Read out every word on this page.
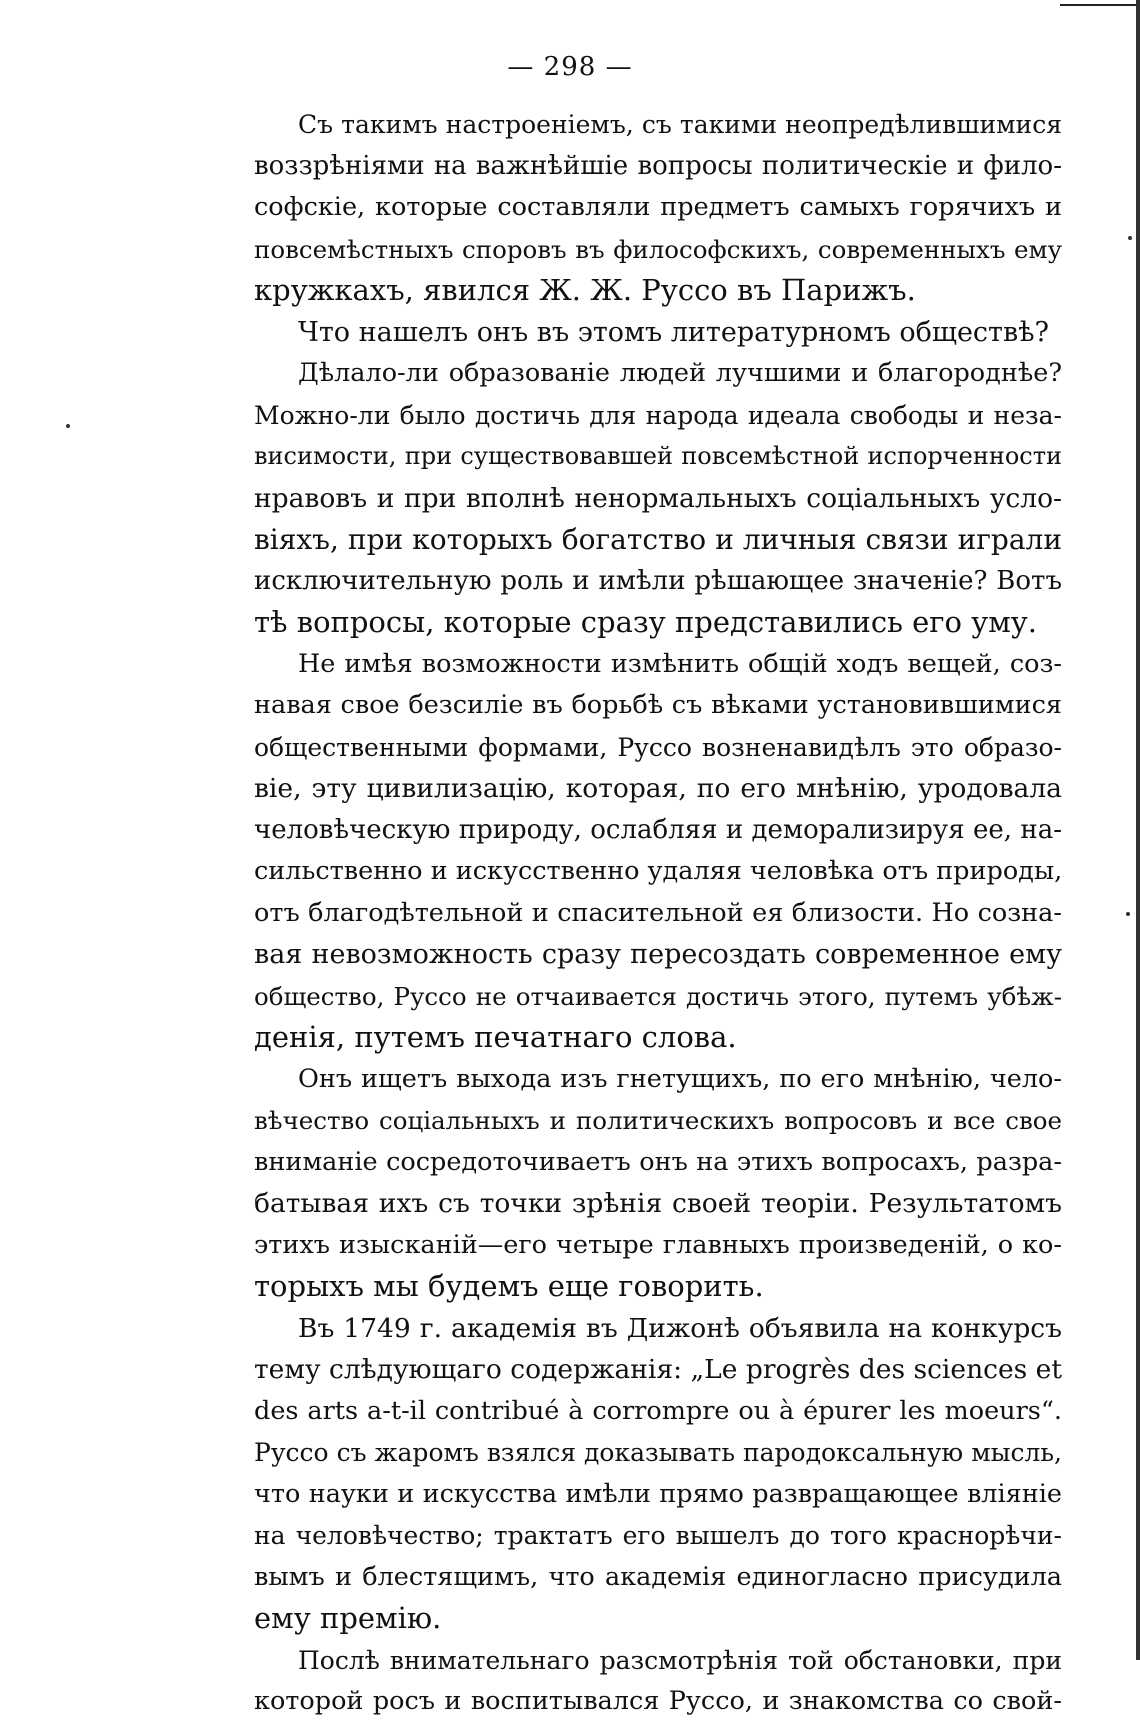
— 298 —
Съ такимъ настроеніемъ, съ такими неопредѣлившимися
воззрѣніями на важнѣйшіе вопросы политическіе и фило-
софскіе, которые составляли предметъ самыхъ горячихъ и
повсемѣстныхъ споровъ въ философскихъ, современныхъ ему
кружкахъ, явился Ж. Ж. Руссо въ Парижъ.
Что нашелъ онъ въ этомъ литературномъ обществѣ?
Дѣлало-ли образованіе людей лучшими и благороднѣе?
Можно-ли было достичь для народа идеала свободы и неза-
висимости, при существовавшей повсемѣстной испорченности
нравовъ и при вполнѣ ненормальныхъ соціальныхъ усло-
віяхъ, при которыхъ богатство и личныя связи играли
исключительную роль и имѣли рѣшающее значеніе? Вотъ
тѣ вопросы, которые сразу представились его уму.
Не имѣя возможности измѣнить общій ходъ вещей, соз-
навая свое безсиліе въ борьбѣ съ вѣками установившимися
общественными формами, Руссо возненавидѣлъ это образо-
віе, эту цивилизацію, которая, по его мнѣнію, уродовала
человѣческую природу, ослабляя и деморализируя ее, на-
сильственно и искусственно удаляя человѣка отъ природы,
отъ благодѣтельной и спасительной ея близости. Но созна-
вая невозможность сразу пересоздать современное ему
общество, Руссо не отчаивается достичь этого, путемъ убѣж-
денія, путемъ печатнаго слова.
Онъ ищетъ выхода изъ гнетущихъ, по его мнѣнію, чело-
вѣчество соціальныхъ и политическихъ вопросовъ и все свое
вниманіе сосредоточиваетъ онъ на этихъ вопросахъ, разра-
батывая ихъ съ точки зрѣнія своей теоріи. Результатомъ
этихъ изысканій—его четыре главныхъ произведеній, о ко-
торыхъ мы будемъ еще говорить.
Въ 1749 г. академія въ Дижонѣ объявила на конкурсъ
тему слѣдующаго содержанія: „Le progrès des sciences et
des arts a-t-il contribué à corrompre ou à épurer les moeurs“.
Руссо съ жаромъ взялся доказывать пародоксальную мысль,
что науки и искусства имѣли прямо развращающее вліяніе
на человѣчество; трактатъ его вышелъ до того краснорѣчи-
вымъ и блестящимъ, что академія единогласно присудила
ему премію.
Послѣ внимательнаго разсмотрѣнія той обстановки, при
которой росъ и воспитывался Руссо, и знакомства со свой-
